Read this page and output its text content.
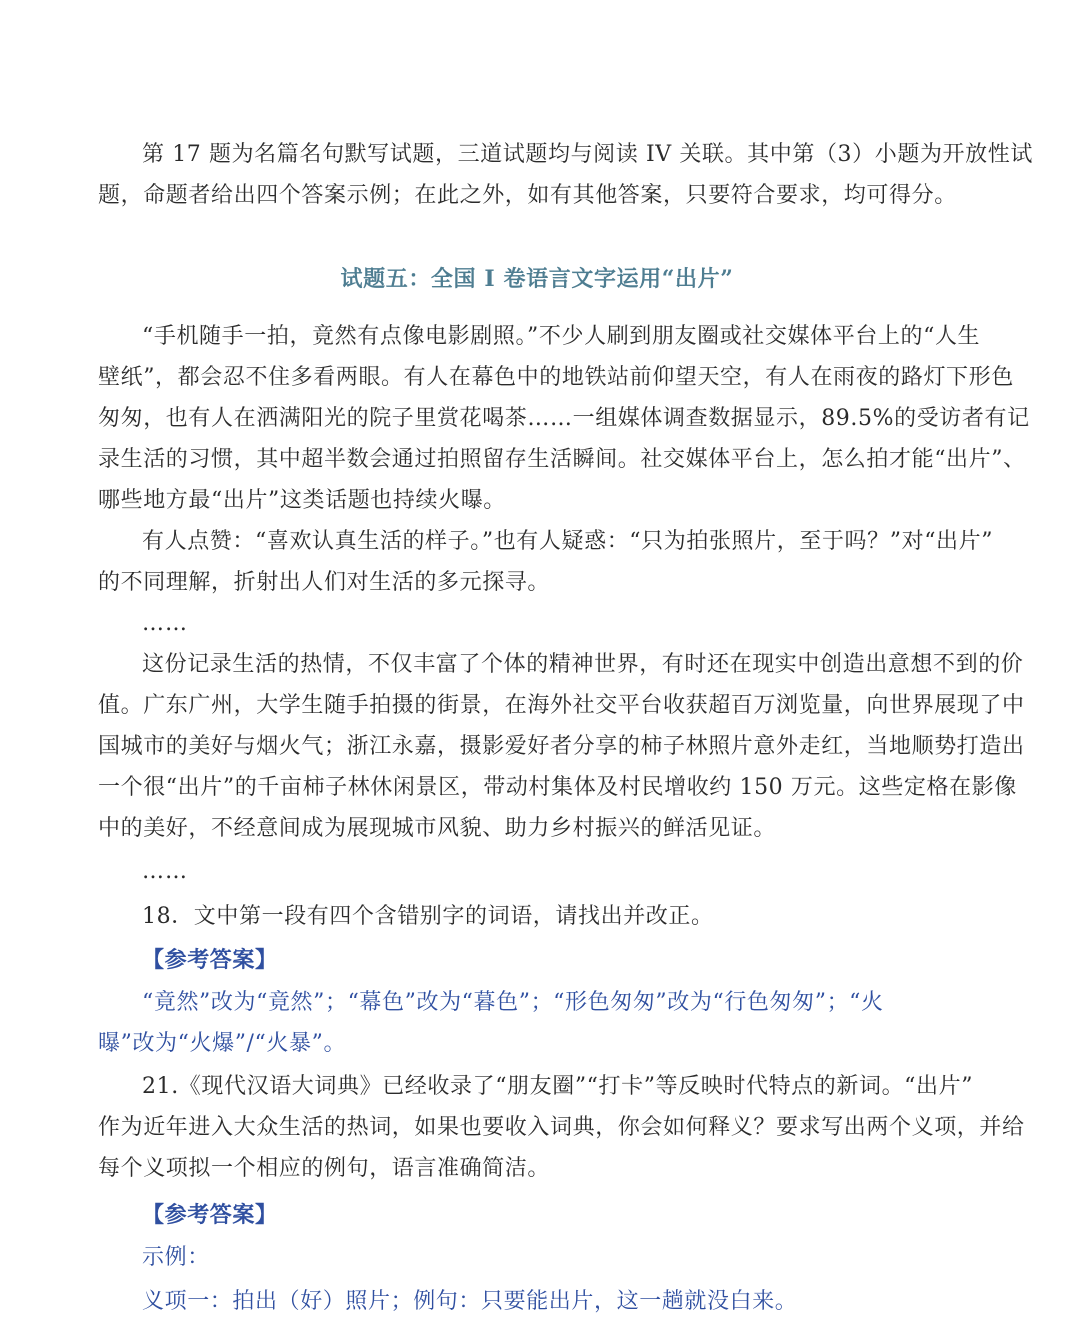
第 17 题为名篇名句默写试题，三道试题均与阅读 IV 关联。其中第（3）小题为开放性试
题，命题者给出四个答案示例；在此之外，如有其他答案，只要符合要求，均可得分。
试题五：全国 I 卷语言文字运用“出片”
“手机随手一拍，竟然有点像电影剧照。”不少人刷到朋友圈或社交媒体平台上的“人生
壁纸”，都会忍不住多看两眼。有人在幕色中的地铁站前仰望天空，有人在雨夜的路灯下形色
匆匆，也有人在洒满阳光的院子里赏花喝茶……一组媒体调查数据显示，89.5%的受访者有记
录生活的习惯，其中超半数会通过拍照留存生活瞬间。社交媒体平台上，怎么拍才能“出片”、
哪些地方最“出片”这类话题也持续火曝。
有人点赞：“喜欢认真生活的样子。”也有人疑惑：“只为拍张照片，至于吗？”对“出片”
的不同理解，折射出人们对生活的多元探寻。
……
这份记录生活的热情，不仅丰富了个体的精神世界，有时还在现实中创造出意想不到的价
值。广东广州，大学生随手拍摄的街景，在海外社交平台收获超百万浏览量，向世界展现了中
国城市的美好与烟火气；浙江永嘉，摄影爱好者分享的柿子林照片意外走红，当地顺势打造出
一个很“出片”的千亩柿子林休闲景区，带动村集体及村民增收约 150 万元。这些定格在影像
中的美好，不经意间成为展现城市风貌、助力乡村振兴的鲜活见证。
……
18．文中第一段有四个含错别字的词语，请找出并改正。
【参考答案】
“竟然”改为“竟然”；“幕色”改为“暮色”；“形色匆匆”改为“行色匆匆”；“火
曝”改为“火爆”/“火暴”。
21.《现代汉语大词典》已经收录了“朋友圈”“打卡”等反映时代特点的新词。“出片”
作为近年进入大众生活的热词，如果也要收入词典，你会如何释义？要求写出两个义项，并给
每个义项拟一个相应的例句，语言准确简洁。
【参考答案】
示例：
义项一：拍出（好）照片；例句：只要能出片，这一趟就没白来。
